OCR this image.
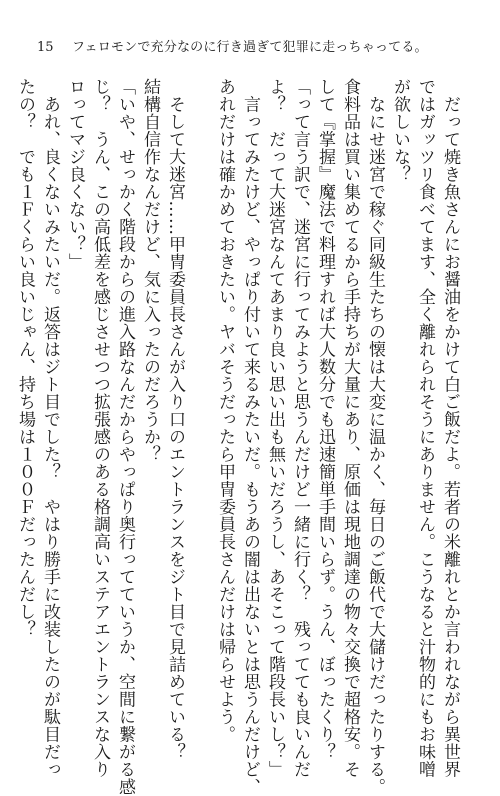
15 フェロモンで充分なのに行き過ぎて犯罪に走っちゃってる。

　だって焼き魚さんにお醤油をかけて白ご飯だよ。若者の米離れとか言われながら異世界
ではガッツリ食べてます、全く離れられそうにありません。こうなると汁物的にもお味噌
が欲しいな？

　なにせ迷宮で稼ぐ同級生たちの懐は大変に温かく、毎日のご飯代で大儲けだったりする。
食料品は買い集めてるから手持ちが大量にあり、原価は現地調達の物々交換で超格安。そ
して『掌握』魔法で料理すれば大人数分でも迅速簡単手間いらず。うん、ぼったくり？

「って言う訳で、迷宮に行ってみようと思うんだけど一緒に行く？　残ってても良いんだ
よ？　だって大迷宮なんてあまり良い思い出も無いだろうし、あそこって階段長いし？」

　言ってみたけど、やっぱり付いて来るみたいだ。もうあの闇は出ないとは思うんだけど、
あれだけは確かめておきたい。ヤバそうだったら甲冑委員長さんだけは帰らせよう。

　そして大迷宮……甲冑委員長さんが入り口のエントランスをジト目で見詰めている？
結構自信作なんだけど、気に入ったのだろうか？

「いや、せっかく階段からの進入路なんだからやっぱり奥行ってていうか、空間に繋がる感
じ？　うん、この高低差を感じさせつつ拡張感のある格調高いステアエントランスな入り
ロってマジ良くない？」

　あれ、良くないみたいだ。返答はジト目でした？　やはり勝手に改装したのが駄目だっ
たの？　でも１Ｆくらい良いじゃん、持ち場は１００Ｆだったんだし？
